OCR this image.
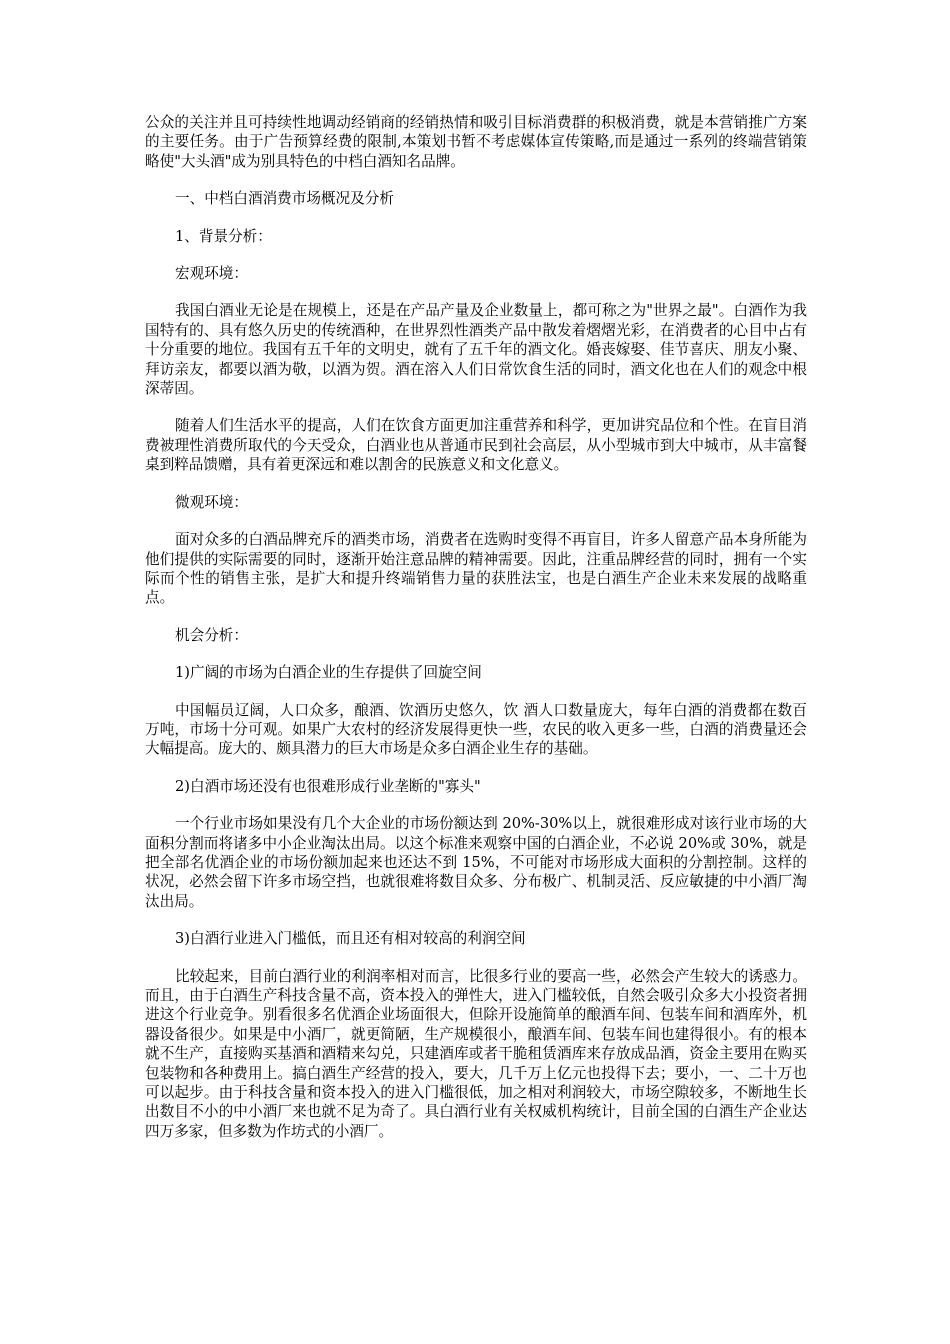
公众的关注并且可持续性地调动经销商的经销热情和吸引目标消费群的积极消费，就是本营销推广方案的主要任务。由于广告预算经费的限制,本策划书暂不考虑媒体宣传策略,而是通过一系列的终端营销策略使"大头酒"成为别具特色的中档白酒知名品牌。

一、中档白酒消费市场概况及分析

1、背景分析：

宏观环境：

我国白酒业无论是在规模上，还是在产品产量及企业数量上，都可称之为"世界之最"。白酒作为我国特有的、具有悠久历史的传统酒种，在世界烈性酒类产品中散发着熠熠光彩，在消费者的心目中占有十分重要的地位。我国有五千年的文明史，就有了五千年的酒文化。婚丧嫁娶、佳节喜庆、朋友小聚、拜访亲友，都要以酒为敬，以酒为贺。酒在溶入人们日常饮食生活的同时，酒文化也在人们的观念中根深蒂固。

随着人们生活水平的提高，人们在饮食方面更加注重营养和科学，更加讲究品位和个性。在盲目消费被理性消费所取代的今天受众，白酒业也从普通市民到社会高层，从小型城市到大中城市，从丰富餐桌到粹品馈赠，具有着更深远和难以割舍的民族意义和文化意义。

微观环境：

面对众多的白酒品牌充斥的酒类市场，消费者在选购时变得不再盲目，许多人留意产品本身所能为他们提供的实际需要的同时，逐渐开始注意品牌的精神需要。因此，注重品牌经营的同时，拥有一个实际而个性的销售主张，是扩大和提升终端销售力量的获胜法宝，也是白酒生产企业未来发展的战略重点。

机会分析：

1)广阔的市场为白酒企业的生存提供了回旋空间

中国幅员辽阔，人口众多，酿酒、饮酒历史悠久，饮 酒人口数量庞大，每年白酒的消费都在数百万吨，市场十分可观。如果广大农村的经济发展得更快一些，农民的收入更多一些，白酒的消费量还会大幅提高。庞大的、颇具潜力的巨大市场是众多白酒企业生存的基础。

2)白酒市场还没有也很难形成行业垄断的"寡头"

一个行业市场如果没有几个大企业的市场份额达到 20%-30%以上，就很难形成对该行业市场的大面积分割而将诸多中小企业淘汰出局。以这个标准来观察中国的白酒企业，不必说 20%或 30%，就是把全部名优酒企业的市场份额加起来也还达不到 15%，不可能对市场形成大面积的分割控制。这样的状况，必然会留下许多市场空挡，也就很难将数目众多、分布极广、机制灵活、反应敏捷的中小酒厂淘汰出局。

3)白酒行业进入门槛低，而且还有相对较高的利润空间

比较起来，目前白酒行业的利润率相对而言，比很多行业的要高一些，必然会产生较大的诱惑力。而且，由于白酒生产科技含量不高，资本投入的弹性大，进入门槛较低，自然会吸引众多大小投资者拥进这个行业竞争。别看很多名优酒企业场面很大，但除开设施简单的酿酒车间、包装车间和酒库外，机器设备很少。如果是中小酒厂，就更简陋，生产规模很小，酿酒车间、包装车间也建得很小。有的根本就不生产，直接购买基酒和酒精来勾兑，只建酒库或者干脆租赁酒库来存放成品酒，资金主要用在购买包装物和各种费用上。搞白酒生产经营的投入，要大，几千万上亿元也投得下去；要小，一、二十万也可以起步。由于科技含量和资本投入的进入门槛很低，加之相对利润较大，市场空隙较多，不断地生长出数目不小的中小酒厂来也就不足为奇了。具白酒行业有关权威机构统计，目前全国的白酒生产企业达四万多家，但多数为作坊式的小酒厂。
